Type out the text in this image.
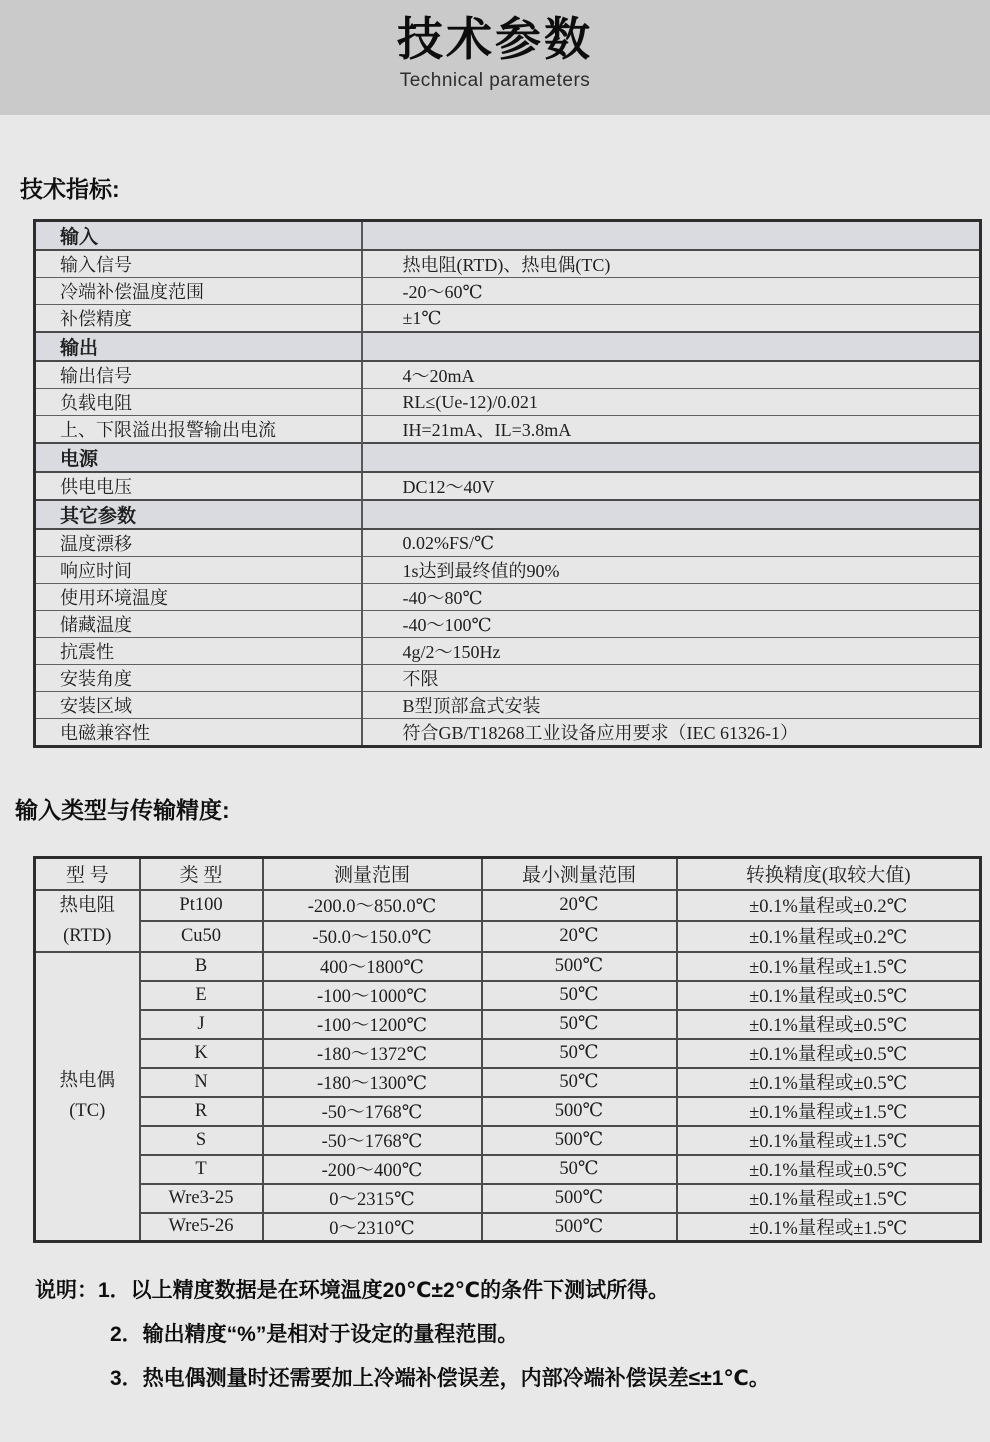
技术参数
Technical parameters
技术指标:
输入	
输入信号	热电阻(RTD)、热电偶(TC)
冷端补偿温度范围	-20～60℃
补偿精度	±1℃
输出	
输出信号	4～20mA
负载电阻	RL≤(Ue-12)/0.021
上、下限溢出报警输出电流	IH=21mA、IL=3.8mA
电源	
供电电压	DC12～40V
其它参数	
温度漂移	0.02%FS/℃
响应时间	1s达到最终值的90%
使用环境温度	-40～80℃
储藏温度	-40～100℃
抗震性	4g/2～150Hz
安装角度	不限
安装区域	B型顶部盒式安装
电磁兼容性	符合GB/T18268工业设备应用要求（IEC 61326-1）
输入类型与传输精度:
型 号	类 型	测量范围	最小测量范围	转换精度(取较大值)

热电阻
(RTD)	Pt100	-200.0～850.0℃	20℃	±0.1%量程或±0.2℃
	Cu50	-50.0～150.0℃	20℃	±0.1%量程或±0.2℃

热电偶
(TC)	B	400～1800℃	500℃	±0.1%量程或±1.5℃
	E	-100～1000℃	50℃	±0.1%量程或±0.5℃
	J	-100～1200℃	50℃	±0.1%量程或±0.5℃
	K	-180～1372℃	50℃	±0.1%量程或±0.5℃
	N	-180～1300℃	50℃	±0.1%量程或±0.5℃
	R	-50～1768℃	500℃	±0.1%量程或±1.5℃
	S	-50～1768℃	500℃	±0.1%量程或±1.5℃
	T	-200～400℃	50℃	±0.1%量程或±0.5℃
	Wre3-25	0～2315℃	500℃	±0.1%量程或±1.5℃
	Wre5-26	0～2310℃	500℃	±0.1%量程或±1.5℃
说明：1．以上精度数据是在环境温度20℃±2℃的条件下测试所得。
2．输出精度“%”是相对于设定的量程范围。
3．热电偶测量时还需要加上冷端补偿误差，内部冷端补偿误差≤±1℃。
